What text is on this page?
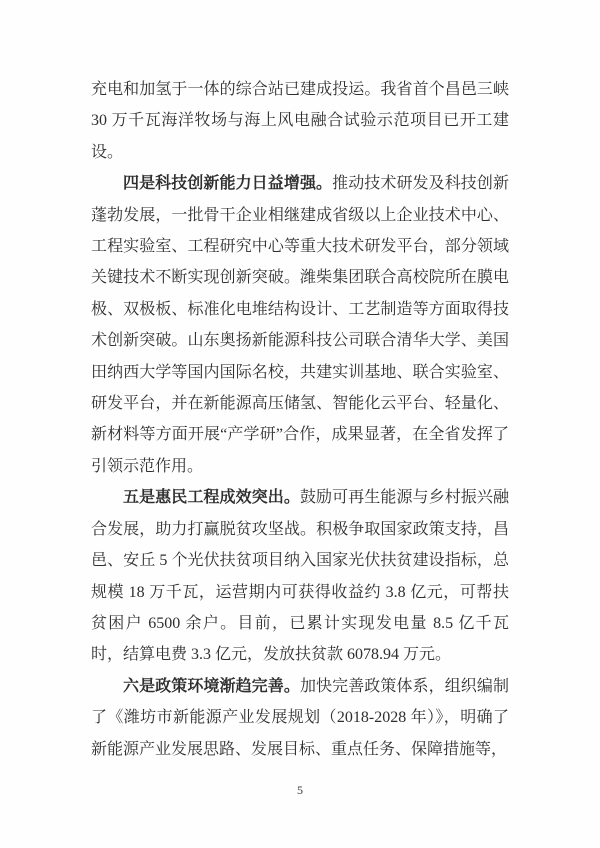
充电和加氢于一体的综合站已建成投运。我省首个昌邑三峡 30 万千瓦海洋牧场与海上风电融合试验示范项目已开工建设。

四是科技创新能力日益增强。推动技术研发及科技创新蓬勃发展，一批骨干企业相继建成省级以上企业技术中心、工程实验室、工程研究中心等重大技术研发平台，部分领域关键技术不断实现创新突破。潍柴集团联合高校院所在膜电极、双极板、标准化电堆结构设计、工艺制造等方面取得技术创新突破。山东奥扬新能源科技公司联合清华大学、美国田纳西大学等国内国际名校，共建实训基地、联合实验室、研发平台，并在新能源高压储氢、智能化云平台、轻量化、新材料等方面开展“产学研”合作，成果显著，在全省发挥了引领示范作用。

五是惠民工程成效突出。鼓励可再生能源与乡村振兴融合发展，助力打赢脱贫攻坚战。积极争取国家政策支持，昌邑、安丘 5 个光伏扶贫项目纳入国家光伏扶贫建设指标，总规模 18 万千瓦，运营期内可获得收益约 3.8 亿元，可帮扶贫困户 6500 余户。目前，已累计实现发电量 8.5 亿千瓦时，结算电费 3.3 亿元，发放扶贫款 6078.94 万元。

六是政策环境渐趋完善。加快完善政策体系，组织编制了《潍坊市新能源产业发展规划（2018-2028 年）》，明确了新能源产业发展思路、发展目标、重点任务、保障措施等，

5
